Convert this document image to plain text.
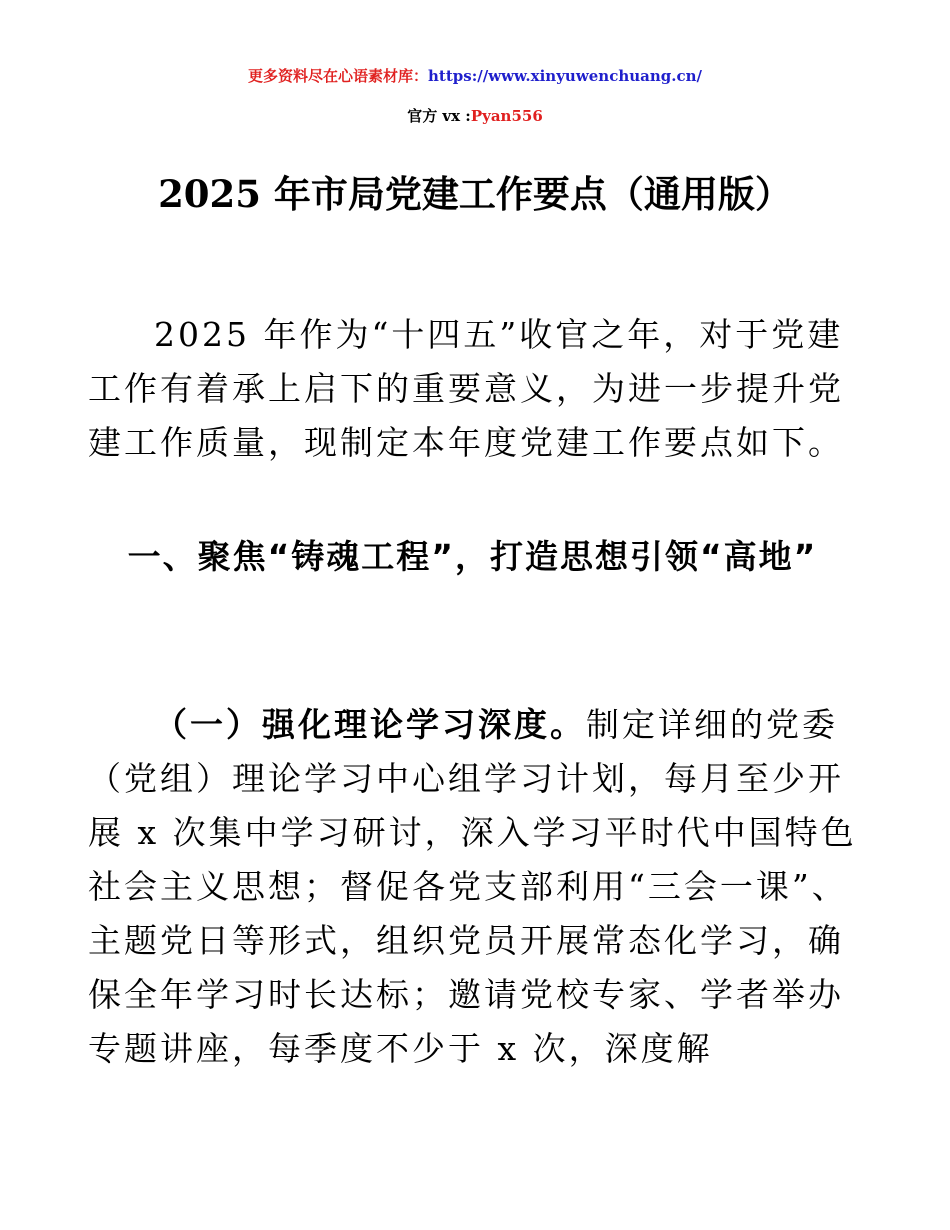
更多资料尽在心语素材库：https://www.xinyuwenchuang.cn/
官方 vx :Pyan556
2025 年市局党建工作要点（通用版）

2025 年作为“十四五”收官之年，对于党建工作有着承上启下的重要意义，为进一步提升党建工作质量，现制定本年度党建工作要点如下。

一、聚焦“铸魂工程”，打造思想引领“高地”

（一）强化理论学习深度。制定详细的党委（党组）理论学习中心组学习计划，每月至少开展 x 次集中学习研讨，深入学习平时代中国特色社会主义思想；督促各党支部利用“三会一课”、主题党日等形式，组织党员开展常态化学习，确保全年学习时长达标；邀请党校专家、学者举办专题讲座，每季度不少于 x 次，深度解
